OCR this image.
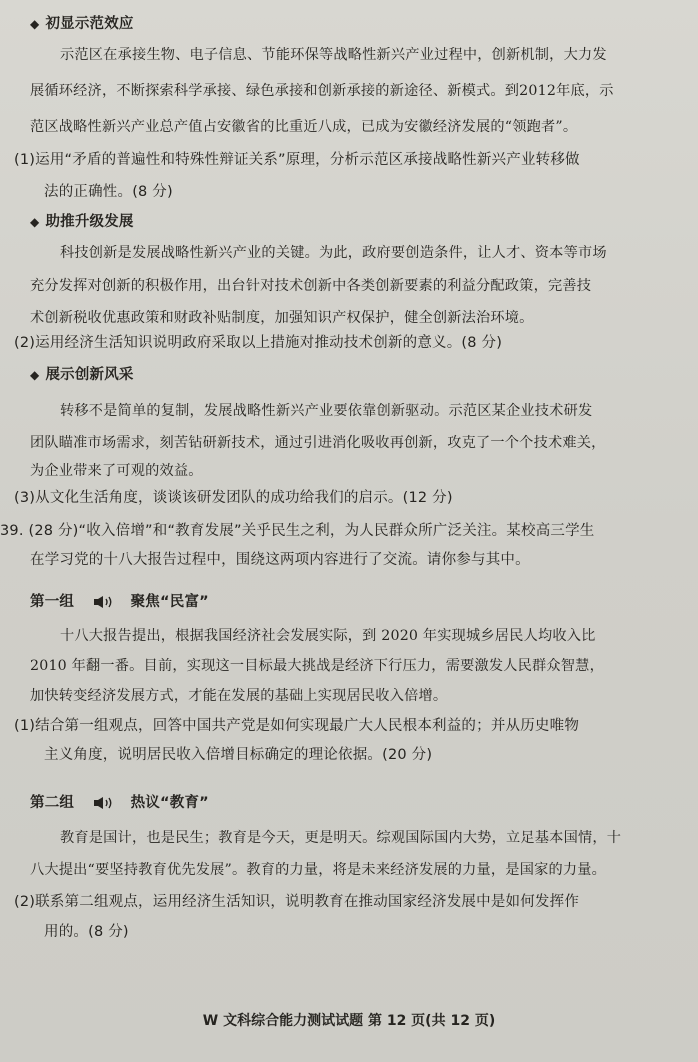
◆ 初显示范效应
示范区在承接生物、电子信息、节能环保等战略性新兴产业过程中，创新机制，大力发
展循环经济，不断探索科学承接、绿色承接和创新承接的新途径、新模式。到2012年底，示
范区战略性新兴产业总产值占安徽省的比重近八成，已成为安徽经济发展的“领跑者”。
(1)运用“矛盾的普遍性和特殊性辩证关系”原理，分析示范区承接战略性新兴产业转移做
法的正确性。(8 分)
◆ 助推升级发展
科技创新是发展战略性新兴产业的关键。为此，政府要创造条件，让人才、资本等市场
充分发挥对创新的积极作用，出台针对技术创新中各类创新要素的利益分配政策，完善技
术创新税收优惠政策和财政补贴制度，加强知识产权保护，健全创新法治环境。
(2)运用经济生活知识说明政府采取以上措施对推动技术创新的意义。(8 分)
◆ 展示创新风采
转移不是简单的复制，发展战略性新兴产业要依靠创新驱动。示范区某企业技术研发
团队瞄准市场需求，刻苦钻研新技术，通过引进消化吸收再创新，攻克了一个个技术难关，
为企业带来了可观的效益。
(3)从文化生活角度，谈谈该研发团队的成功给我们的启示。(12 分)
39. (28 分)“收入倍增”和“教育发展”关乎民生之利，为人民群众所广泛关注。某校高三学生
在学习党的十八大报告过程中，围绕这两项内容进行了交流。请你参与其中。
第一组	聚焦“民富”
十八大报告提出，根据我国经济社会发展实际，到 2020 年实现城乡居民人均收入比
2010 年翻一番。目前，实现这一目标最大挑战是经济下行压力，需要激发人民群众智慧，
加快转变经济发展方式，才能在发展的基础上实现居民收入倍增。
(1)结合第一组观点，回答中国共产党是如何实现最广大人民根本利益的；并从历史唯物
主义角度，说明居民收入倍增目标确定的理论依据。(20 分)
第二组	热议“教育”
教育是国计，也是民生；教育是今天，更是明天。综观国际国内大势，立足基本国情，十
八大提出“要坚持教育优先发展”。教育的力量，将是未来经济发展的力量，是国家的力量。
(2)联系第二组观点，运用经济生活知识，说明教育在推动国家经济发展中是如何发挥作
用的。(8 分)
W 文科综合能力测试试题 第 12 页(共 12 页)
